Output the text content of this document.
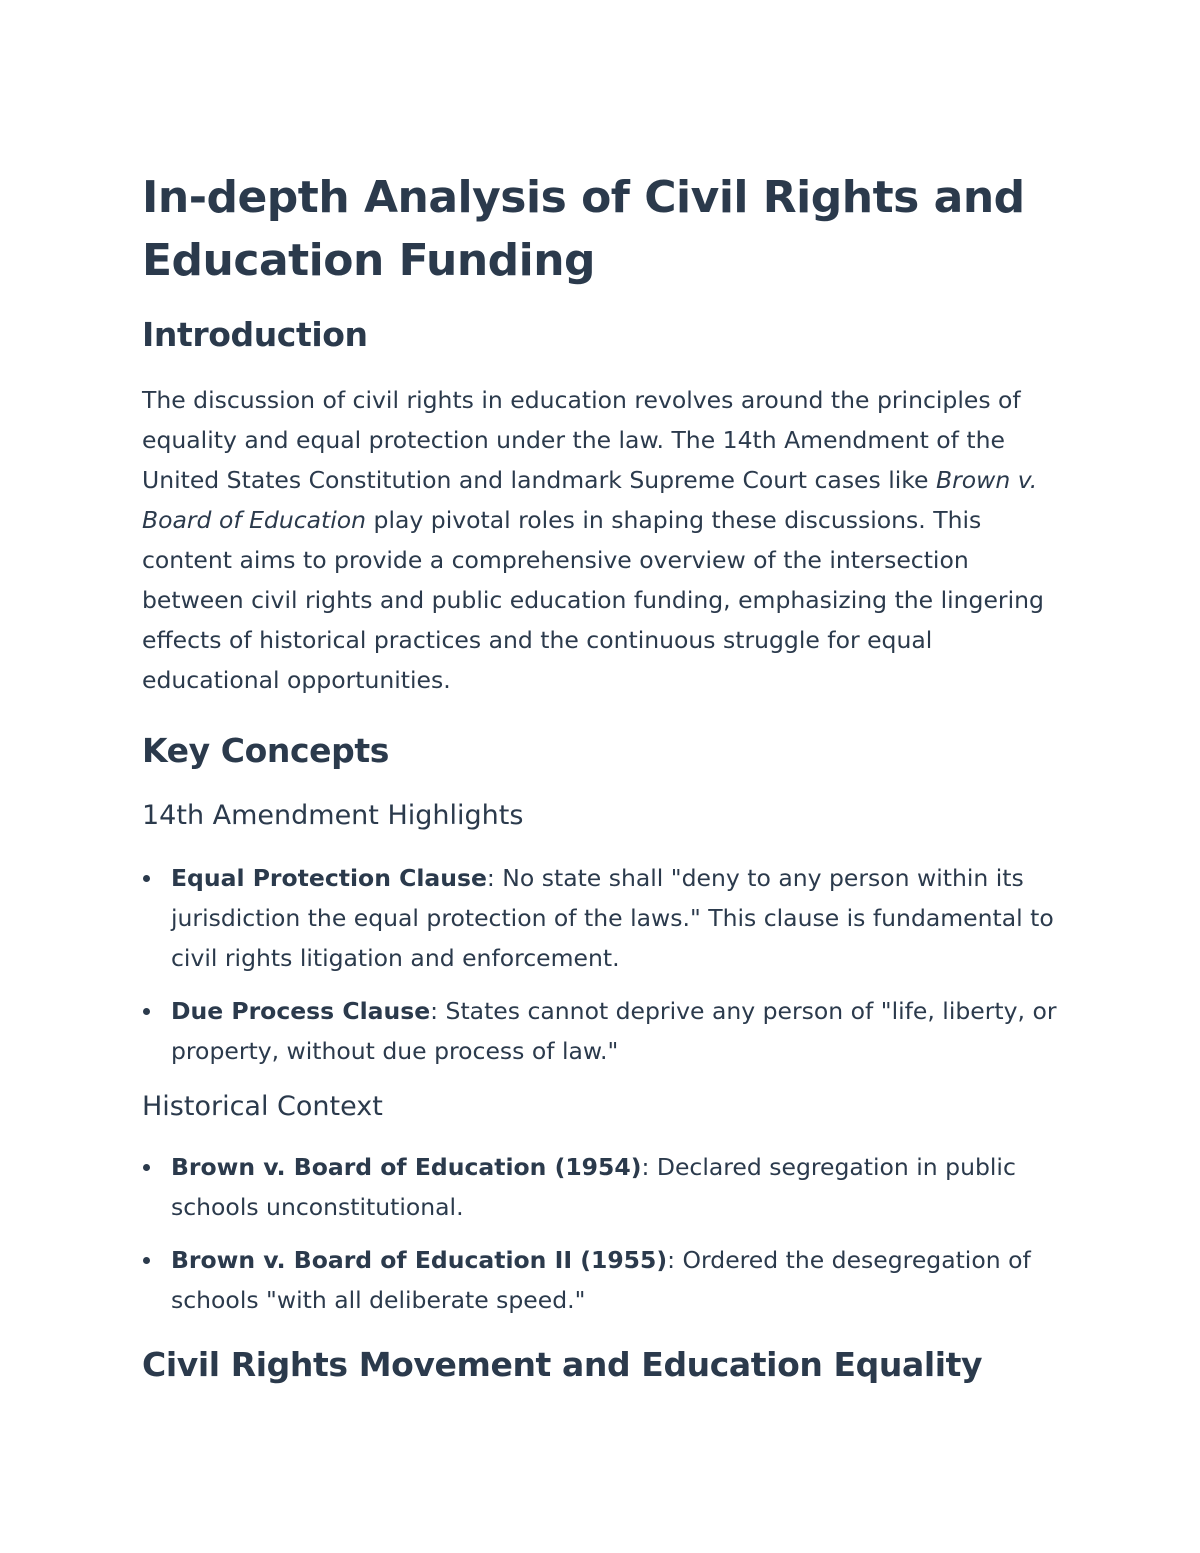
In-depth Analysis of Civil Rights and Education Funding
Introduction

The discussion of civil rights in education revolves around the principles of equality and equal protection under the law. The 14th Amendment of the United States Constitution and landmark Supreme Court cases like Brown v. Board of Education play pivotal roles in shaping these discussions. This content aims to provide a comprehensive overview of the intersection between civil rights and public education funding, emphasizing the lingering effects of historical practices and the continuous struggle for equal educational opportunities.

Key Concepts
14th Amendment Highlights
Equal Protection Clause: No state shall "deny to any person within its jurisdiction the equal protection of the laws." This clause is fundamental to civil rights litigation and enforcement.
Due Process Clause: States cannot deprive any person of "life, liberty, or property, without due process of law."
Historical Context
Brown v. Board of Education (1954): Declared segregation in public schools unconstitutional.
Brown v. Board of Education II (1955): Ordered the desegregation of schools "with all deliberate speed."
Civil Rights Movement and Education Equality
